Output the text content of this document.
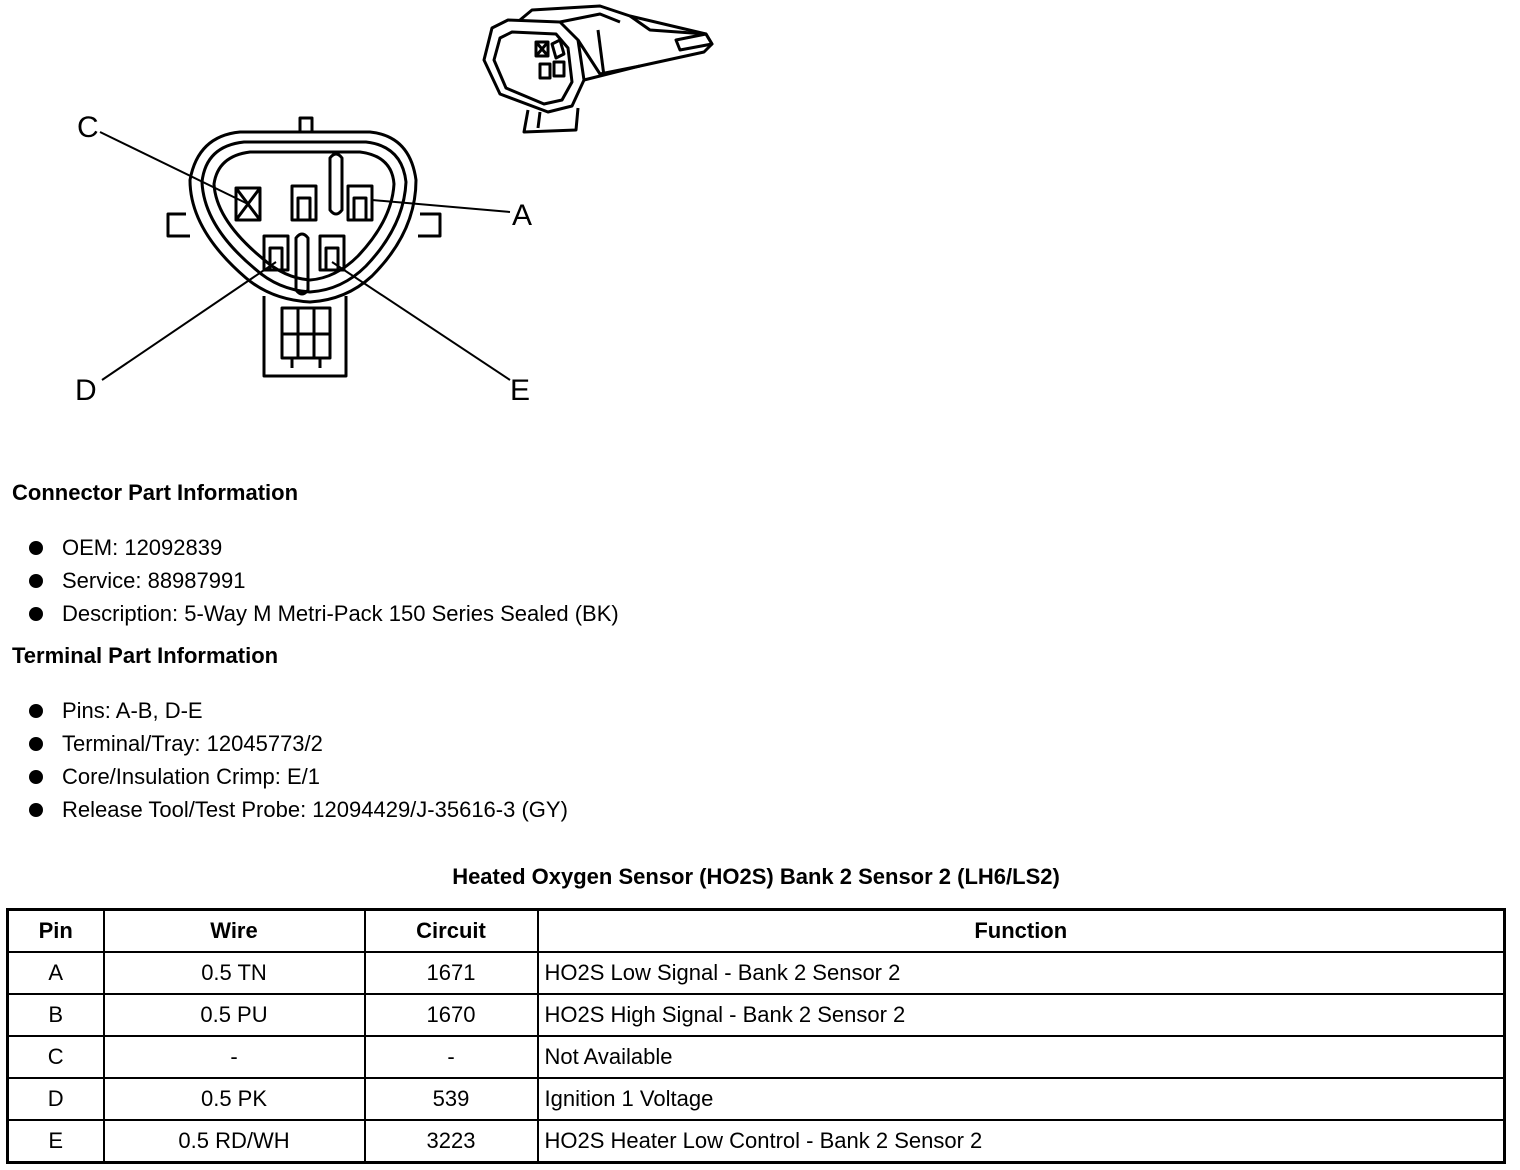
C
A
D	E
Connector Part Information
OEM: 12092839
Service: 88987991
Description: 5-Way M Metri-Pack 150 Series Sealed (BK)
Terminal Part Information
Pins: A-B, D-E
Terminal/Tray: 12045773/2
Core/Insulation Crimp: E/1
Release Tool/Test Probe: 12094429/J-35616-3 (GY)
Heated Oxygen Sensor (HO2S) Bank 2 Sensor 2 (LH6/LS2)
Pin	Wire	Circuit	Function
A	0.5 TN	1671	HO2S Low Signal - Bank 2 Sensor 2
B	0.5 PU	1670	HO2S High Signal - Bank 2 Sensor 2
C	-	-	Not Available
D	0.5 PK	539	Ignition 1 Voltage
E	0.5 RD/WH	3223	HO2S Heater Low Control - Bank 2 Sensor 2
